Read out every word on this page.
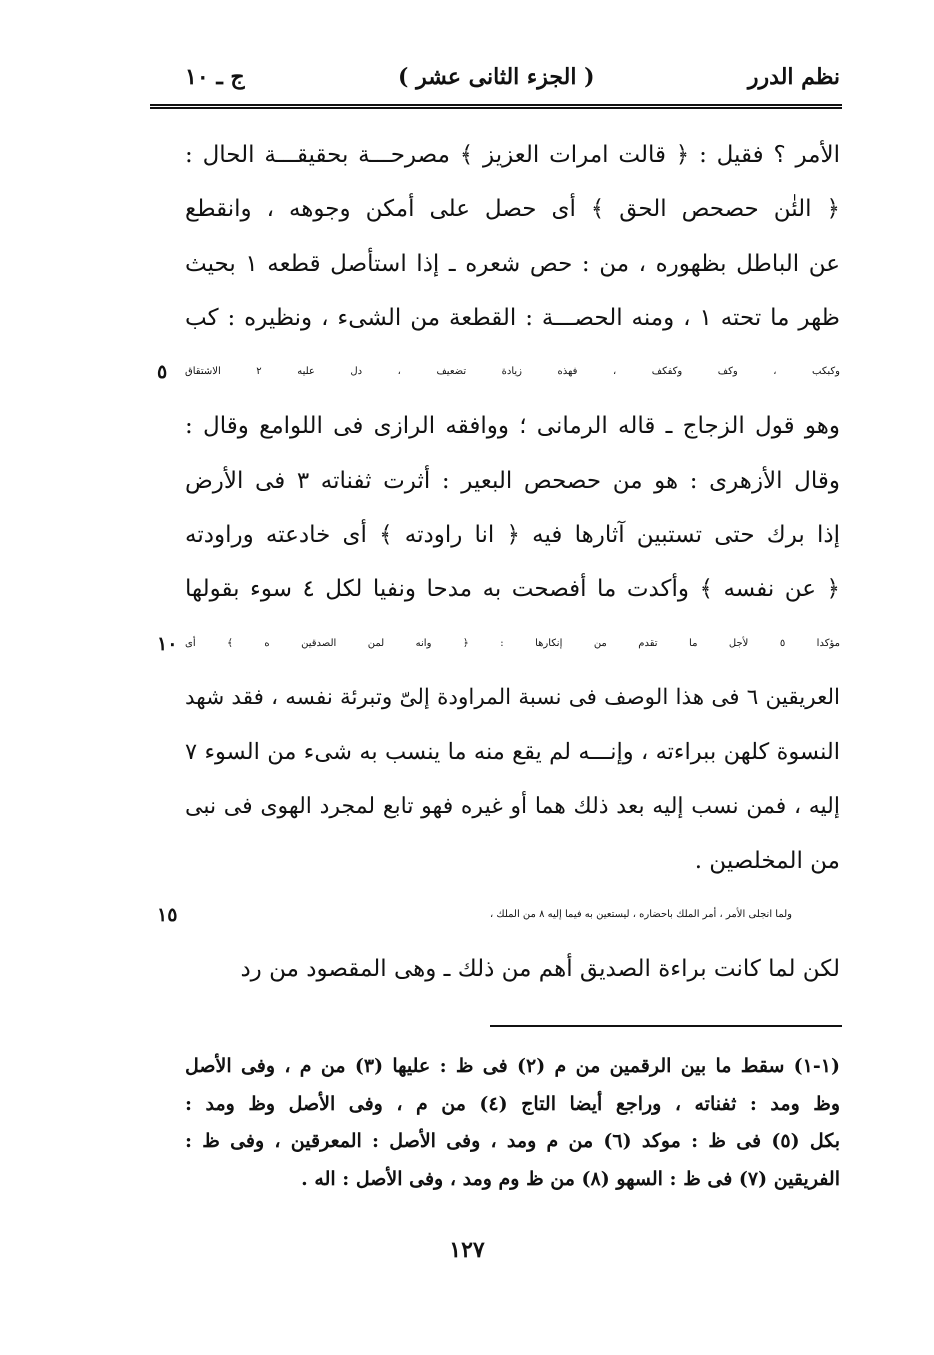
نظم الدرر
( الجزء الثانى عشر )
ج ـ ١٠
الأمر ؟ فقيل : ﴿ قالت امرات العزيز ﴾ مصرحـــة بحقيقـــة الحال :
﴿ الئٰن حصحص الحق ﴾ أى حصل على أمكن وجوهه ، وانقطع
عن الباطل بظهوره ، من : حص شعره ـ إذا استأصل قطعه ١ بحيث
ظهر ما تحته ١ ، ومنه الحصـــة : القطعة من الشىء ، ونظيره : كب
وكبكب ، وكف وكفكف ، فهذه زيادة تضعيف ، دل عليه ٢ الاشتقاق
٥
وهو قول الزجاج ـ قاله الرمانى ؛ ووافقه الرازى فى اللوامع وقال :
وقال الأزهرى : هو من حصحص البعير : أثرت ثفناته ٣ فى الأرض
إذا برك حتى تستبين آثارها فيه ﴿ انا راودته ﴾ أى خادعته وراودته
﴿ عن نفسه ﴾ وأكدت ما أفصحت به مدحا ونفيا لكل ٤ سوء بقولها
مؤكدا ٥ لأجل ما تقدم من إنكارها : ﴿ وانه لمن الصدقين ه ﴾ أى
١٠
العريقين ٦ فى هذا الوصف فى نسبة المراودة إلىّ وتبرئة نفسه ، فقد شهد
النسوة كلهن ببراءته ، وإنـــه لم يقع منه ما ينسب به شىء من السوء ٧
إليه ، فمن نسب إليه بعد ذلك هما أو غيره فهو تابع لمجرد الهوى فى نبى
من المخلصين .
ولما انجلى الأمر ، أمر الملك باحضاره ، ليستعين به فيما إليه ٨ من الملك ،
١٥
لكن لما كانت براءة الصديق أهم من ذلك ـ وهى المقصود من رد
(١-١) سقط ما بين الرقمين من م (٢) فى ظ : عليها (٣) من م ، وفى الأصل
وظ ومد : ثفناته ، وراجع أيضا التاج (٤) من م ، وفى الأصل وظ ومد :
بكل (٥) فى ظ : موكد (٦) من م ومد ، وفى الأصل : المعرقين ، وفى ظ :
الفريقين (٧) فى ظ : السهو (٨) من ظ وم ومد ، وفى الأصل : اله .
١٢٧
